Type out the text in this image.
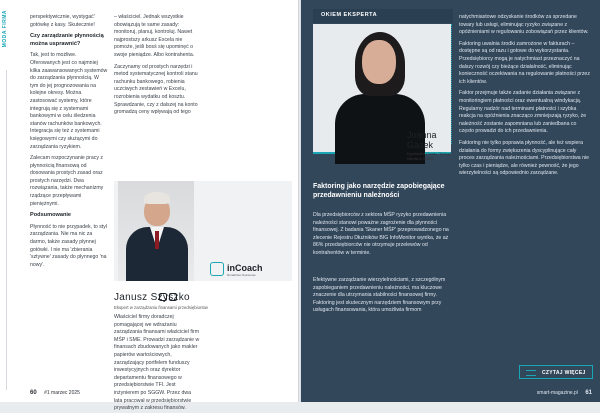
MODA FIRMA	perspektywicznie, wystygać' gotówkę z kasy. Skutecznie!

Czy zarządzanie płynnością można usprawnić?

Tak, jest to możliwe. Oferowanych jest co najmniej kilka zaawansowanych systemów do zarządzania płynnością. W tym do jej prognozowania na kolejne okresy. Można zastosować systemy, które integrują się z systemami bankowymi w celu śledzenia stanów rachunków bankowych. Integracja się też z systemami księgowymi czy służącymi do zarządzania ryzykiem.

Zalecam rozpoczynanie pracy z płynnością finansową od dosowania prostych zasad oraz prostych narzędzi. Dwa rozwiązania, także mechanizmy rządzące przepływami pieniężnymi.

Podsumowanie

Płynność to nie przypadek, to styl zarządzania. Nie ma nic za darmo, także zasady płynnej gotówki. I nie ma 'zbierania 'sztywne' zasady do płynnego 'na nowy'.

– właściciel. Jednak wszystkie obowiązują te same zasady: monitoruj, planuj, kontroluj. Nawet najprostszy arkusz Excela nie pomoże, jeśli bosś się upominęć o swoje pieniądze. Albo kontrahenta.

Zaczynamy od prostych narzędzi i metod systematycznej kontroli stanu rachunku bankowego, robienia uczciwych zestawień w Excelu, rozrobienia wydatku od kosztu. Sprawdzanie, czy z dalszej na konto gromadzą ceny wpływają od tego

inCoach
Doradztwo finansowe
Janusz Szyszko
Ekspert w zarządzaniu finansami przedsiębiorstw
Właściciel firmy doradczej pomagającej we wdrażaniu zarządzania finansami właściciel firm MŚP i SME. Prowadzi zarządzanie w finansach zbudowanych jako makler papierów wartościowych, zarządzający portfelem funduszy inwestycyjnych oraz dyrektor departamentu finansowego w przedsiębiorstwie TFI. Jest inżynierem po SGGW. Przez dwa lata pracował w przedsiębiorstwie prywatnym z zakresu finansów.
60 #1 marzec 2025
OKIEM EKSPERTA
Joanna Gasek
Dyrektorka Działu Obsługi klienta w SMEO
Faktoring jako narzędzie zapobiegające przedawnieniu należności
Dla przedsiębiorców z sektora MŚP ryzyko przedawnienia należności stanowi poważne zagrożenie dla płynności finansowej. Z badania 'Skaner MŚP' przeprowadzonego na zlecenie Rejestru Dłużników BIG InfoMonitor wynika, że aż 86% przedsiębiorców nie otrzymuje przelewów od kontrahentów w terminie.
Efektywne zarządzanie wierzytelnościami, z szczególnym zapobieganiem przedawnieniu należności, ma kluczowe znaczenie dla utrzymania stabilności finansowej firmy. Faktoring jest skutecznym narzędziem finansowym przy usługach finansowania, która umożliwia firmom

natychmiastowe odzyskanie środków za sprzedane towary lub usługi, eliminując ryzyko związane z opóźnieniami w regulowaniu zobowiązań przez klientów.

Faktoring uwalnia środki zamrożone w fakturach – dostępne są od razu i gotowe do wykorzystania. Przedsiębiorcy mogą je natychmiast przeznaczyć na dalszy rozwój czy bieżące działalność, eliminując konieczność oczekiwania na regulowanie płatności przez ich klientów.

Faktor przejmuje także zadanie działania związane z monitoringiem płatności oraz ewentualną windykacją. Regularny nadzór nad terminami płatności i szybka reakcja na opóźnienia znacząco zmniejszają ryzyko, że należność zostanie zapomniana lub zaniedbana co często prowadzi do ich przedawnienia.

Faktoring nie tylko poprawia płynność, ale też wspiera działania do formy zwiększenia dyscyplinujące cały proces zarządzania należnościami. Przedsiębiorstwa nie tylko czas i pieniądze, ale również pewność, że jego wierzytelności są odpowiednio zarządzane.

CZYTAJ WIĘCEJ
smart-magazine.pl 61
